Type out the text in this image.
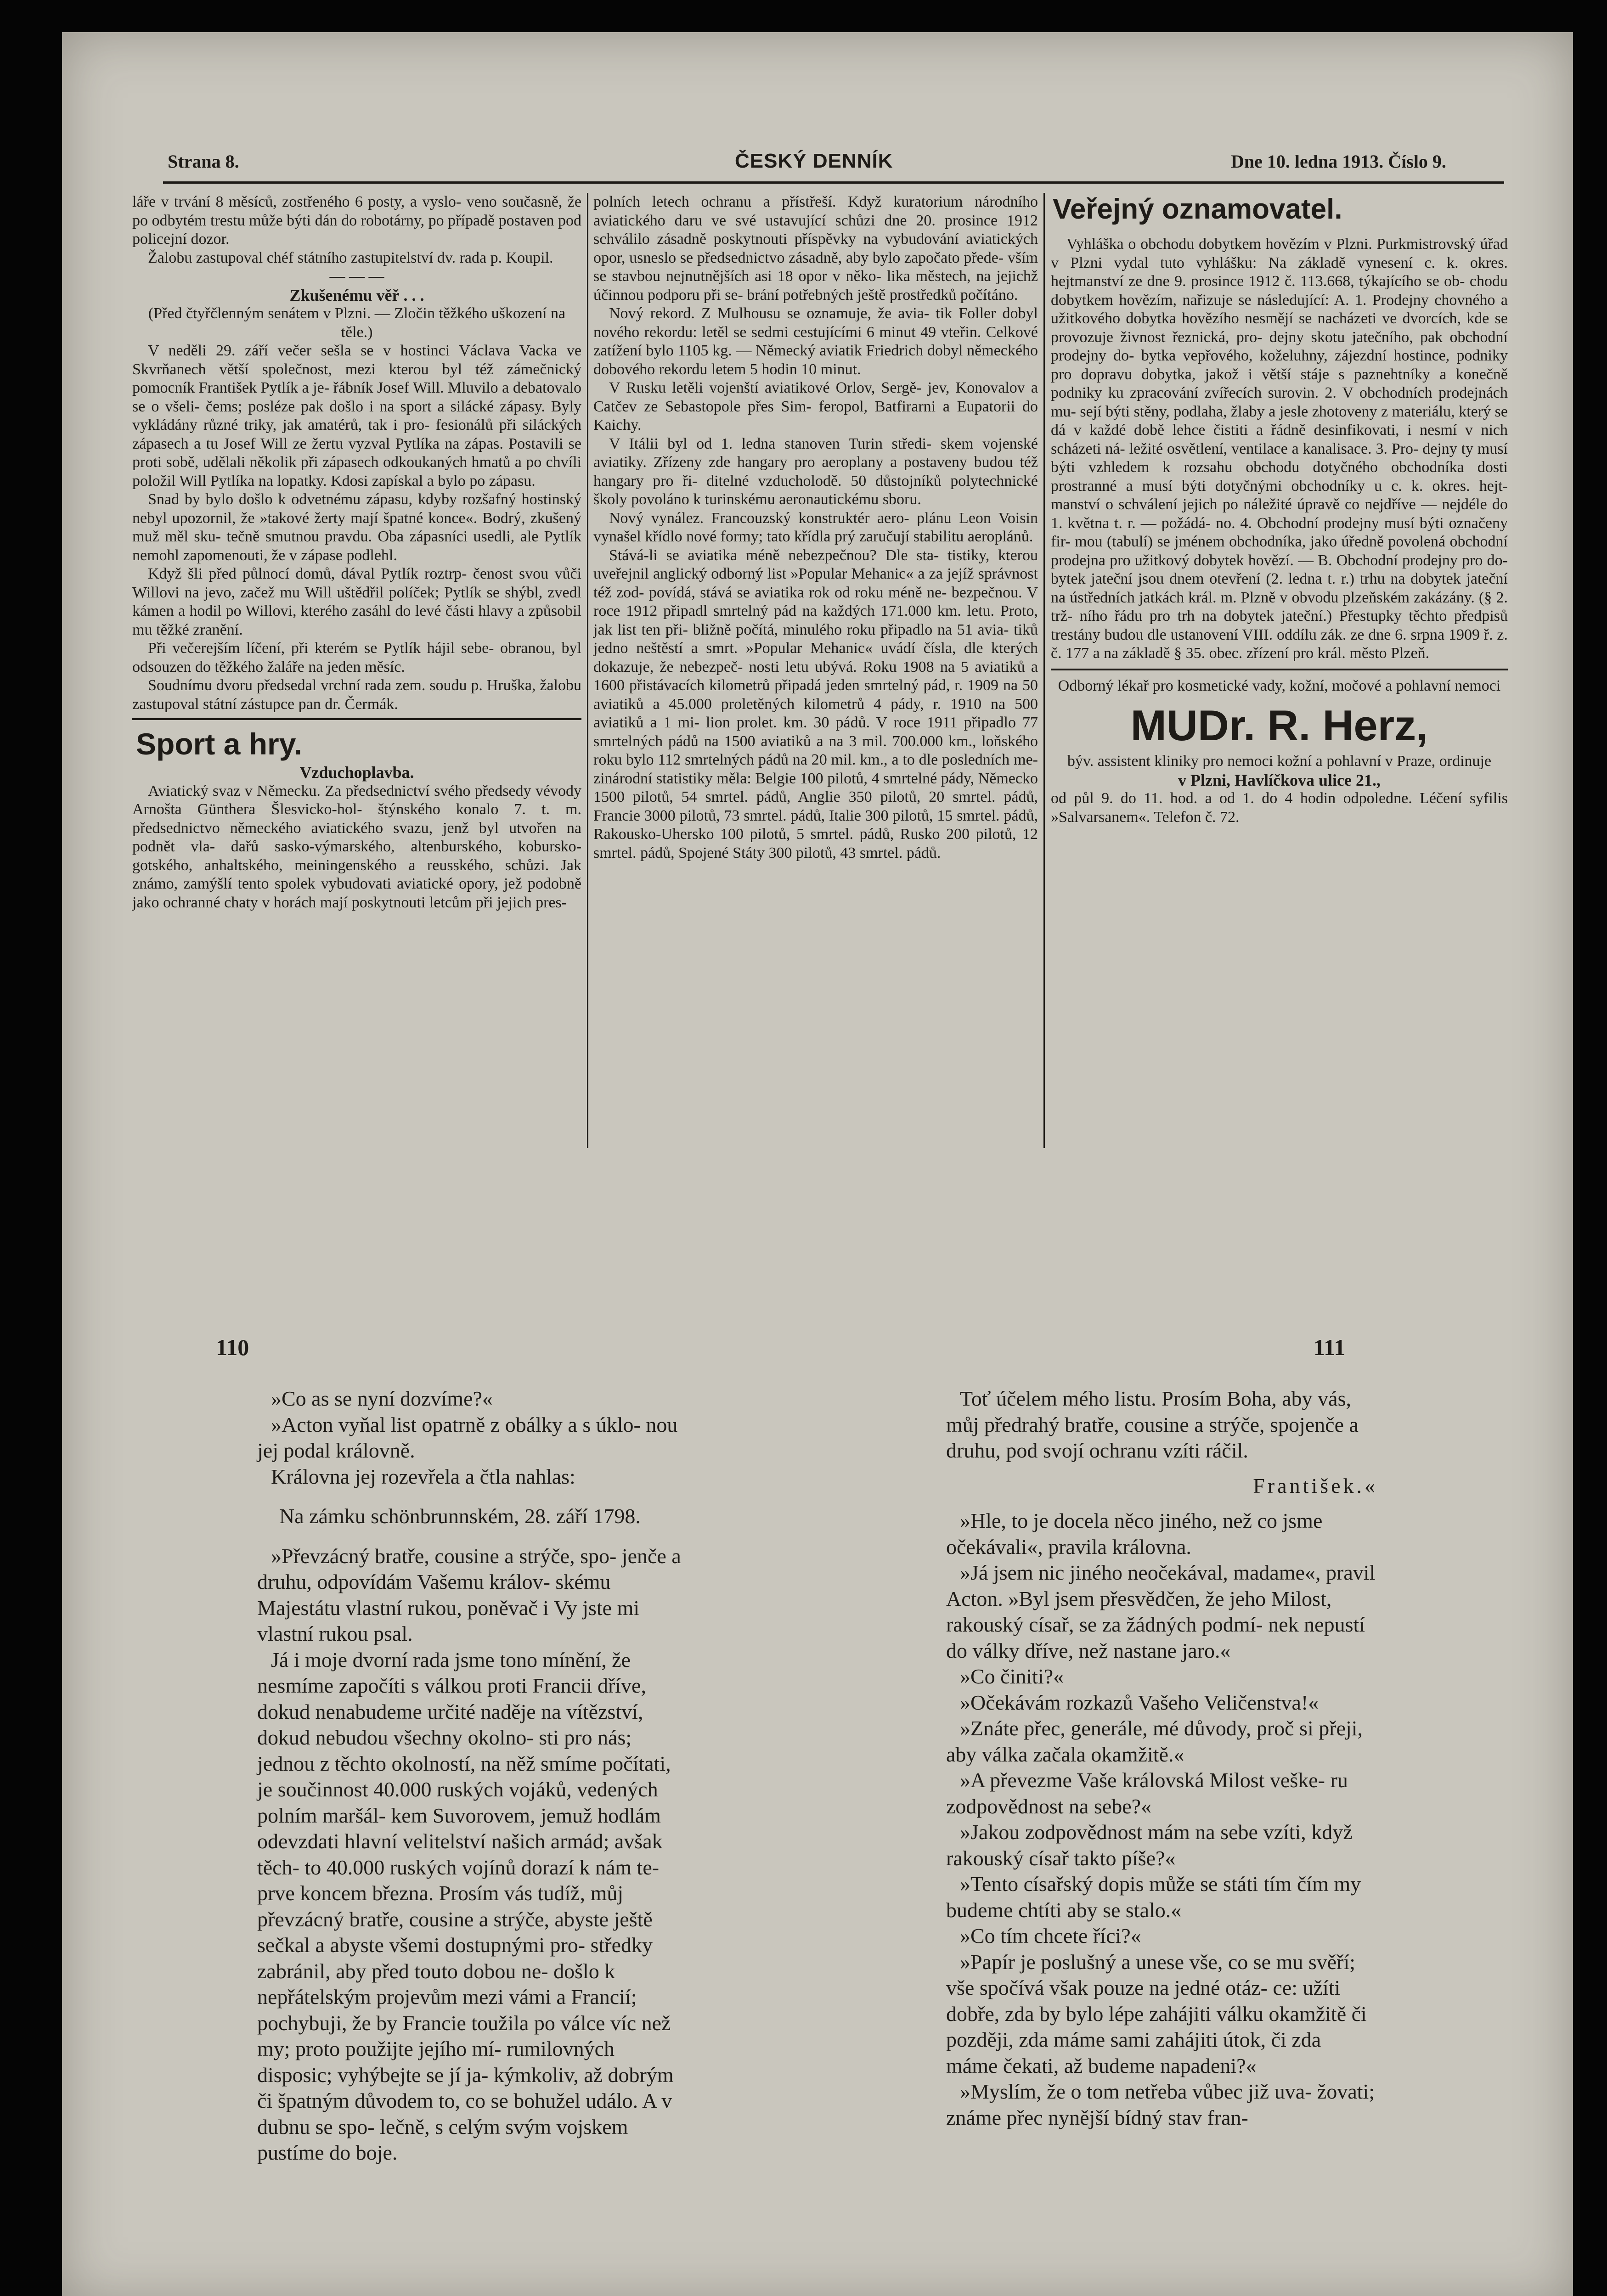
Strana 8.	ČESKÝ DENNÍK	Dne 10. ledna 1913. Číslo 9.

láře v trvání 8 měsíců, zostřeného 6 posty, a vyslo- veno současně, že po odbytém trestu může býti dán do robotárny, po případě postaven pod policejní dozor.

Žalobu zastupoval chéf státního zastupitelství dv. rada p. Koupil.

— — —

Zkušenému věř . . .

(Před čtyřčlenným senátem v Plzni. — Zločin těžkého uškození na těle.)

V neděli 29. září večer sešla se v hostinci Václava Vacka ve Skvrňanech větší společnost, mezi kterou byl též zámečnický pomocník František Pytlík a je- řábník Josef Will. Mluvilo a debatovalo se o všeli- čems; posléze pak došlo i na sport a silácké zápasy. Byly vykládány různé triky, jak amatérů, tak i pro- fesionálů při siláckých zápasech a tu Josef Will ze žertu vyzval Pytlíka na zápas. Postavili se proti sobě, udělali několik při zápasech odkoukaných hmatů a po chvíli položil Will Pytlíka na lopatky. Kdosi zapískal a bylo po zápasu.

Snad by bylo došlo k odvetnému zápasu, kdyby rozšafný hostinský nebyl upozornil, že »takové žerty mají špatné konce«. Bodrý, zkušený muž měl sku- tečně smutnou pravdu. Oba zápasníci usedli, ale Pytlík nemohl zapomenouti, že v zápase podlehl.

Když šli před půlnocí domů, dával Pytlík roztrp- čenost svou vůči Willovi na jevo, začež mu Will uštědřil políček; Pytlík se shýbl, zvedl kámen a hodil po Willovi, kterého zasáhl do levé části hlavy a způsobil mu těžké zranění.

Při večerejším líčení, při kterém se Pytlík hájil sebe- obranou, byl odsouzen do těžkého žaláře na jeden měsíc.

Soudnímu dvoru předsedal vrchní rada zem. soudu p. Hruška, žalobu zastupoval státní zástupce pan dr. Čermák.

Sport a hry.

Vzduchoplavba.

Aviatický svaz v Německu. Za předsednictví svého předsedy vévody Arnošta Günthera Šlesvicko-hol- štýnského konalo 7. t. m. předsednictvo německého aviatického svazu, jenž byl utvořen na podnět vla- dařů sasko-výmarského, altenburského, kobursko- gotského, anhaltského, meiningenského a reusského, schůzi. Jak známo, zamýšlí tento spolek vybudovati aviatické opory, jež podobně jako ochranné chaty v horách mají poskytnouti letcům při jejich pres-

polních letech ochranu a přístřeší. Když kuratorium národního aviatického daru ve své ustavující schůzi dne 20. prosince 1912 schválilo zásadně poskytnouti příspěvky na vybudování aviatických opor, usneslo se předsednictvo zásadně, aby bylo započato přede- vším se stavbou nejnutnějších asi 18 opor v něko- lika městech, na jejichž účinnou podporu při se- brání potřebných ještě prostředků počítáno.

Nový rekord. Z Mulhousu se oznamuje, že avia- tik Foller dobyl nového rekordu: letěl se sedmi cestujícími 6 minut 49 vteřin. Celkové zatížení bylo 1105 kg. — Německý aviatik Friedrich dobyl německého dobového rekordu letem 5 hodin 10 minut.

V Rusku letěli vojenští aviatikové Orlov, Sergě- jev, Konovalov a Catčev ze Sebastopole přes Sim- feropol, Batfirarni a Eupatorii do Kaichy.

V Itálii byl od 1. ledna stanoven Turin středi- skem vojenské aviatiky. Zřízeny zde hangary pro aeroplany a postaveny budou též hangary pro ři- ditelné vzducholodě. 50 důstojníků polytechnické školy povoláno k turinskému aeronautickému sboru.

Nový vynález. Francouzský konstruktér aero- plánu Leon Voisin vynašel křídlo nové formy; tato křídla prý zaručují stabilitu aeroplánů.

Stává-li se aviatika méně nebezpečnou? Dle sta- tistiky, kterou uveřejnil anglický odborný list »Popular Mehanic« a za jejíž správnost též zod- povídá, stává se aviatika rok od roku méně ne- bezpečnou. V roce 1912 připadl smrtelný pád na každých 171.000 km. letu. Proto, jak list ten při- bližně počítá, minulého roku připadlo na 51 avia- tiků jedno neštěstí a smrt. »Popular Mehanic« uvádí čísla, dle kterých dokazuje, že nebezpeč- nosti letu ubývá. Roku 1908 na 5 aviatiků a 1600 přistávacích kilometrů připadá jeden smrtelný pád, r. 1909 na 50 aviatiků a 45.000 proletěných kilometrů 4 pády, r. 1910 na 500 aviatiků a 1 mi- lion prolet. km. 30 pádů. V roce 1911 připadlo 77 smrtelných pádů na 1500 aviatiků a na 3 mil. 700.000 km., loňského roku bylo 112 smrtelných pádů na 20 mil. km., a to dle posledních me- zinárodní statistiky měla: Belgie 100 pilotů, 4 smrtelné pády, Německo 1500 pilotů, 54 smrtel. pádů, Anglie 350 pilotů, 20 smrtel. pádů, Francie 3000 pilotů, 73 smrtel. pádů, Italie 300 pilotů, 15 smrtel. pádů, Rakousko-Uhersko 100 pilotů, 5 smrtel. pádů, Rusko 200 pilotů, 12 smrtel. pádů, Spojené Státy 300 pilotů, 43 smrtel. pádů.

Veřejný oznamovatel.

Vyhláška o obchodu dobytkem hovězím v Plzni. Purkmistrovský úřad v Plzni vydal tuto vyhlášku: Na základě vynesení c. k. okres. hejtmanství ze dne 9. prosince 1912 č. 113.668, týkajícího se ob- chodu dobytkem hovězím, nařizuje se následující: A. 1. Prodejny chovného a užitkového dobytka hovězího nesmějí se nacházeti ve dvorcích, kde se provozuje živnost řeznická, pro- dejny skotu jatečního, pak obchodní prodejny do- bytka vepřového, koželuhny, zájezdní hostince, podniky pro dopravu dobytka, jakož i větší stáje s paznehtníky a konečně podniky ku zpracování zvířecích surovin. 2. V obchodních prodejnách mu- sejí býti stěny, podlaha, žlaby a jesle zhotoveny z materiálu, který se dá v každé době lehce čistiti a řádně desinfikovati, i nesmí v nich scházeti ná- ležité osvětlení, ventilace a kanalisace. 3. Pro- dejny ty musí býti vzhledem k rozsahu obchodu dotyčného obchodníka dosti prostranné a musí býti dotyčnými obchodníky u c. k. okres. hejt- manství o schválení jejich po náležité úpravě co nejdříve — nejdéle do 1. května t. r. — požádá- no. 4. Obchodní prodejny musí býti označeny fir- mou (tabulí) se jménem obchodníka, jako úředně povolená obchodní prodejna pro užitkový dobytek hovězí. — B. Obchodní prodejny pro do- bytek jateční jsou dnem otevření (2. ledna t. r.) trhu na dobytek jateční na ústředních jatkách král. m. Plzně v obvodu plzeňském zakázány. (§ 2. trž- ního řádu pro trh na dobytek jateční.) Přestupky těchto předpisů trestány budou dle ustanovení VIII. oddílu zák. ze dne 6. srpna 1909 ř. z. č. 177 a na základě § 35. obec. zřízení pro král. město Plzeň.

Odborný lékař pro kosmetické vady, kožní, močové a pohlavní nemoci

MUDr. R. Herz,

býv. assistent kliniky pro nemoci kožní a pohlavní v Praze, ordinuje

v Plzni, Havlíčkova ulice 21.,

od půl 9. do 11. hod. a od 1. do 4 hodin odpoledne. Léčení syfilis »Salvarsanem«. Telefon č. 72.

110	111

»Co as se nyní dozvíme?«

»Acton vyňal list opatrně z obálky a s úklo- nou jej podal královně.

Královna jej rozevřela a čtla nahlas:

Na zámku schönbrunnském, 28. září 1798.

»Převzácný bratře, cousine a strýče, spo- jenče a druhu, odpovídám Vašemu králov- skému Majestátu vlastní rukou, poněvač i Vy jste mi vlastní rukou psal.

Já i moje dvorní rada jsme tono mínění, že nesmíme započíti s válkou proti Francii dříve, dokud nenabudeme určité naděje na vítězství, dokud nebudou všechny okolno- sti pro nás; jednou z těchto okolností, na něž smíme počítati, je součinnost 40.000 ruských vojáků, vedených polním maršál- kem Suvorovem, jemuž hodlám odevzdati hlavní velitelství našich armád; avšak těch- to 40.000 ruských vojínů dorazí k nám te- prve koncem března. Prosím vás tudíž, můj převzácný bratře, cousine a strýče, abyste ještě sečkal a abyste všemi dostupnými pro- středky zabránil, aby před touto dobou ne- došlo k nepřátelským projevům mezi vámi a Francií; pochybuji, že by Francie toužila po válce víc než my; proto použijte jejího mí- rumilovných disposic; vyhýbejte se jí ja- kýmkoliv, až dobrým či špatným důvodem to, co se bohužel událo. A v dubnu se spo- lečně, s celým svým vojskem pustíme do boje.

Toť účelem mého listu. Prosím Boha, aby vás, můj předrahý bratře, cousine a strýče, spojenče a druhu, pod svojí ochranu vzíti ráčil.

František.«

»Hle, to je docela něco jiného, než co jsme očekávali«, pravila královna.

»Já jsem nic jiného neočekával, madame«, pravil Acton. »Byl jsem přesvědčen, že jeho Milost, rakouský císař, se za žádných podmí- nek nepustí do války dříve, než nastane jaro.«

»Co činiti?«

»Očekávám rozkazů Vašeho Veličenstva!«

»Znáte přec, generále, mé důvody, proč si přeji, aby válka začala okamžitě.«

»A převezme Vaše královská Milost veške- ru zodpovědnost na sebe?«

»Jakou zodpovědnost mám na sebe vzíti, když rakouský císař takto píše?«

»Tento císařský dopis může se státi tím čím my budeme chtíti aby se stalo.«

»Co tím chcete říci?«

»Papír je poslušný a unese vše, co se mu svěří; vše spočívá však pouze na jedné otáz- ce: užíti dobře, zda by bylo lépe zahájiti válku okamžitě či později, zda máme sami zahájiti útok, či zda máme čekati, až budeme napadeni?«

»Myslím, že o tom netřeba vůbec již uva- žovati; známe přec nynější bídný stav fran-
